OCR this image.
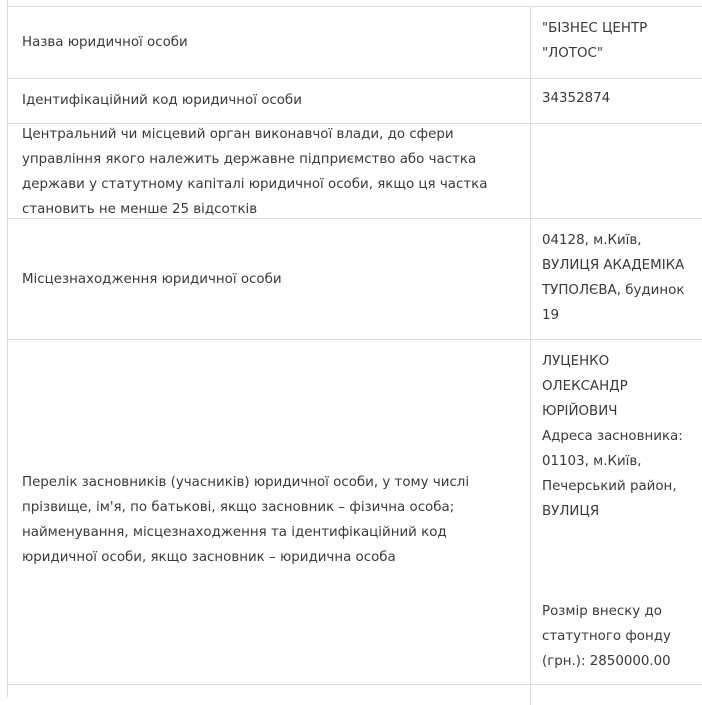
Назва юридичної особи
"БІЗНЕС ЦЕНТР
"ЛОТОС"
Ідентифікаційний код юридичної особи	34352874
Центральний чи місцевий орган виконавчої влади, до сфери управління якого належить державне підприємство або частка держави у статутному капіталі юридичної особи, якщо ця частка становить не менше 25 відсотків
Місцезнаходження юридичної особи
04128, м.Київ,
ВУЛИЦЯ АКАДЕМІКА
ТУПОЛЄВА, будинок
19
Перелік засновників (учасників) юридичної особи, у тому числі прізвище, ім'я, по батькові, якщо засновник – фізична особа; найменування, місцезнаходження та ідентифікаційний код юридичної особи, якщо засновник – юридична особа
ЛУЦЕНКО
ОЛЕКСАНДР
ЮРІЙОВИЧ
Адреса засновника:
01103, м.Київ,
Печерський район,
ВУЛИЦЯ
Розмір внеску до
статутного фонду
(грн.): 2850000.00
